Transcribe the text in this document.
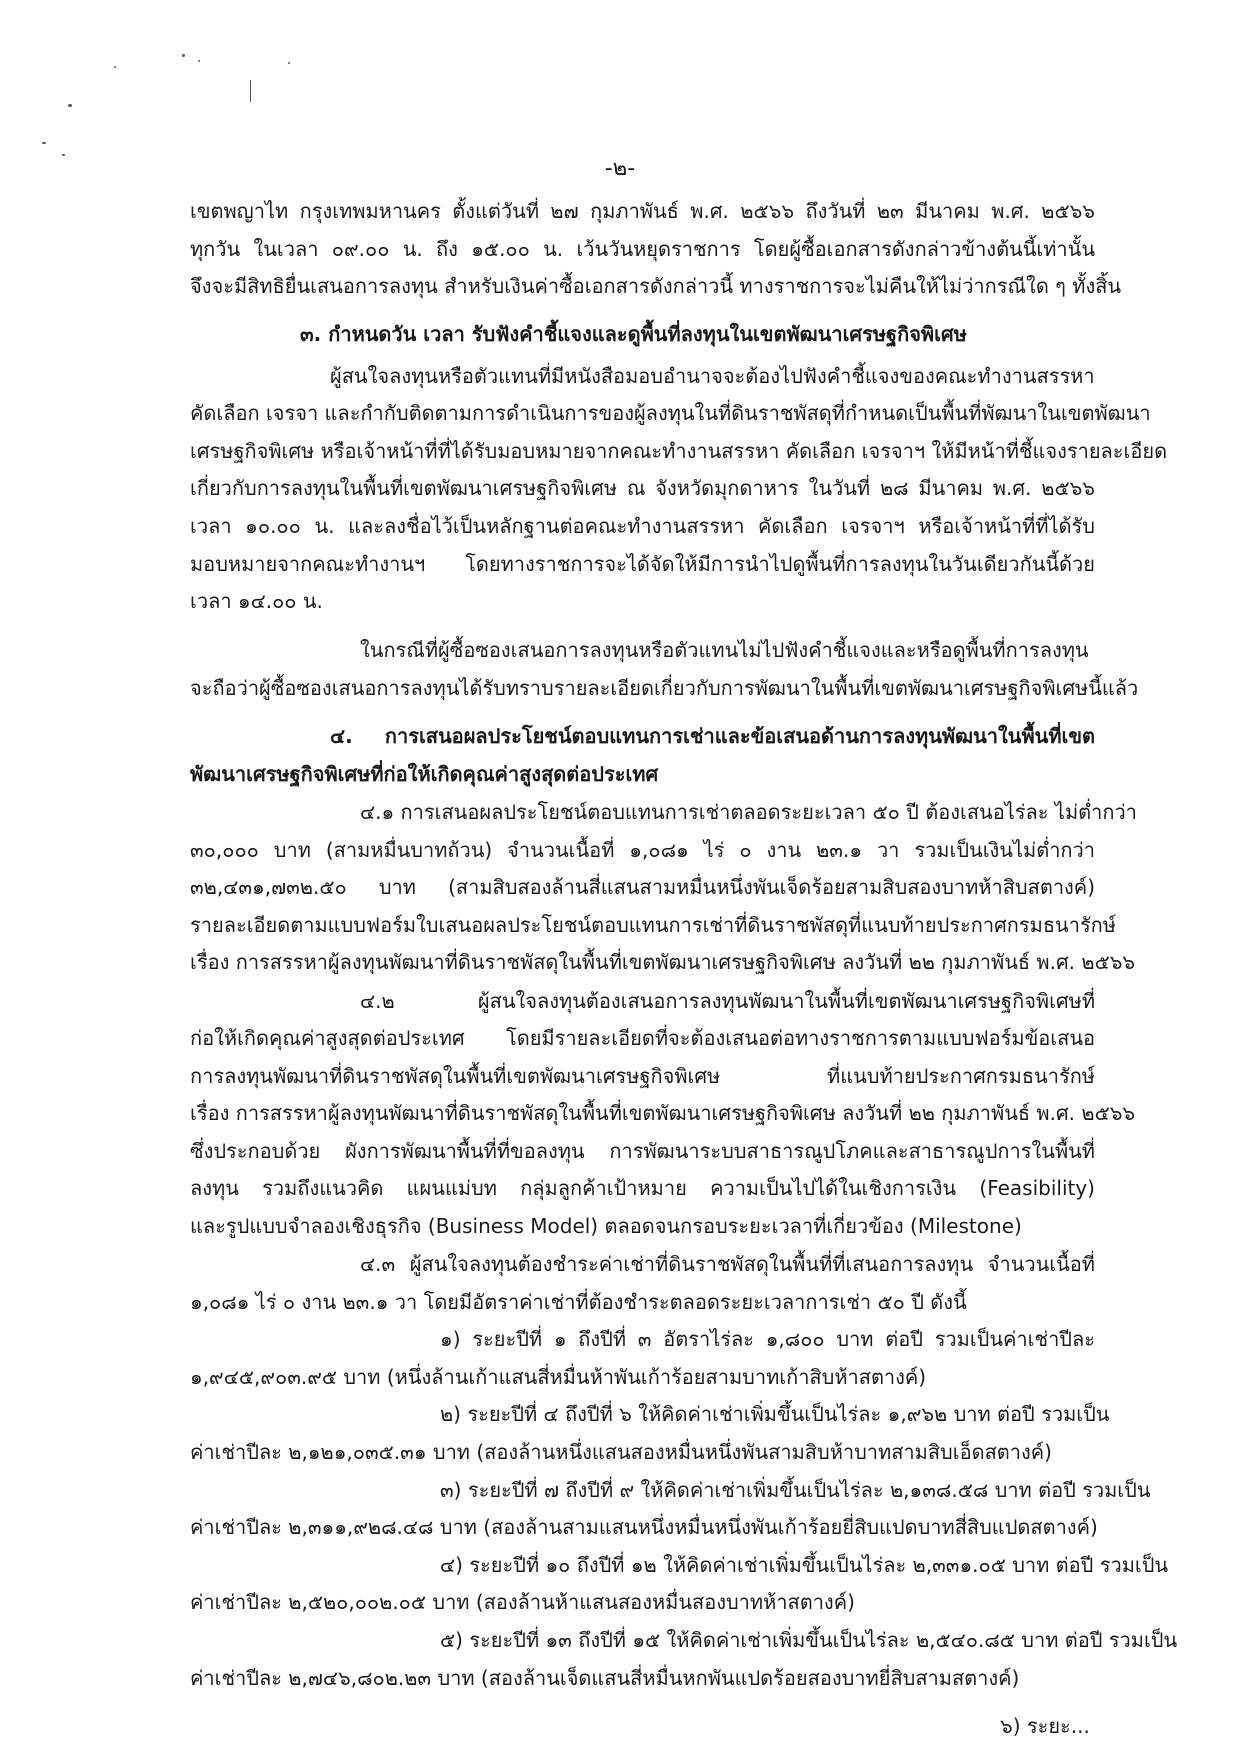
-๒-
เขตพญาไท กรุงเทพมหานคร ตั้งแต่วันที่ ๒๗ กุมภาพันธ์ พ.ศ. ๒๕๖๖ ถึงวันที่ ๒๓ มีนาคม พ.ศ. ๒๕๖๖
ทุกวัน ในเวลา ๐๙.๐๐ น. ถึง ๑๕.๐๐ น. เว้นวันหยุดราชการ โดยผู้ซื้อเอกสารดังกล่าวข้างต้นนี้เท่านั้น
จึงจะมีสิทธิยื่นเสนอการลงทุน สำหรับเงินค่าซื้อเอกสารดังกล่าวนี้ ทางราชการจะไม่คืนให้ไม่ว่ากรณีใด ๆ ทั้งสิ้น
๓. กำหนดวัน เวลา รับฟังคำชี้แจงและดูพื้นที่ลงทุนในเขตพัฒนาเศรษฐกิจพิเศษ
ผู้สนใจลงทุนหรือตัวแทนที่มีหนังสือมอบอำนาจจะต้องไปฟังคำชี้แจงของคณะทำงานสรรหา
คัดเลือก เจรจา และกำกับติดตามการดำเนินการของผู้ลงทุนในที่ดินราชพัสดุที่กำหนดเป็นพื้นที่พัฒนาในเขตพัฒนา
เศรษฐกิจพิเศษ หรือเจ้าหน้าที่ที่ได้รับมอบหมายจากคณะทำงานสรรหา คัดเลือก เจรจาฯ ให้มีหน้าที่ชี้แจงรายละเอียด
เกี่ยวกับการลงทุนในพื้นที่เขตพัฒนาเศรษฐกิจพิเศษ ณ จังหวัดมุกดาหาร ในวันที่ ๒๘ มีนาคม พ.ศ. ๒๕๖๖
เวลา ๑๐.๐๐ น. และลงชื่อไว้เป็นหลักฐานต่อคณะทำงานสรรหา คัดเลือก เจรจาฯ หรือเจ้าหน้าที่ที่ได้รับ
มอบหมายจากคณะทำงานฯ โดยทางราชการจะได้จัดให้มีการนำไปดูพื้นที่การลงทุนในวันเดียวกันนี้ด้วย
เวลา ๑๔.๐๐ น.
ในกรณีที่ผู้ซื้อซองเสนอการลงทุนหรือตัวแทนไม่ไปฟังคำชี้แจงและหรือดูพื้นที่การลงทุน
จะถือว่าผู้ซื้อซองเสนอการลงทุนได้รับทราบรายละเอียดเกี่ยวกับการพัฒนาในพื้นที่เขตพัฒนาเศรษฐกิจพิเศษนี้แล้ว
๔. การเสนอผลประโยชน์ตอบแทนการเช่าและข้อเสนอด้านการลงทุนพัฒนาในพื้นที่เขต
พัฒนาเศรษฐกิจพิเศษที่ก่อให้เกิดคุณค่าสูงสุดต่อประเทศ
๔.๑ การเสนอผลประโยชน์ตอบแทนการเช่าตลอดระยะเวลา ๕๐ ปี ต้องเสนอไร่ละ ไม่ต่ำกว่า
๓๐,๐๐๐ บาท (สามหมื่นบาทถ้วน) จำนวนเนื้อที่ ๑,๐๘๑ ไร่ ๐ งาน ๒๓.๑ วา รวมเป็นเงินไม่ต่ำกว่า
๓๒,๔๓๑,๗๓๒.๕๐ บาท (สามสิบสองล้านสี่แสนสามหมื่นหนึ่งพันเจ็ดร้อยสามสิบสองบาทห้าสิบสตางค์)
รายละเอียดตามแบบฟอร์มใบเสนอผลประโยชน์ตอบแทนการเช่าที่ดินราชพัสดุที่แนบท้ายประกาศกรมธนารักษ์
เรื่อง การสรรหาผู้ลงทุนพัฒนาที่ดินราชพัสดุในพื้นที่เขตพัฒนาเศรษฐกิจพิเศษ ลงวันที่ ๒๒ กุมภาพันธ์ พ.ศ. ๒๕๖๖
๔.๒ ผู้สนใจลงทุนต้องเสนอการลงทุนพัฒนาในพื้นที่เขตพัฒนาเศรษฐกิจพิเศษที่
ก่อให้เกิดคุณค่าสูงสุดต่อประเทศ โดยมีรายละเอียดที่จะต้องเสนอต่อทางราชการตามแบบฟอร์มข้อเสนอ
การลงทุนพัฒนาที่ดินราชพัสดุในพื้นที่เขตพัฒนาเศรษฐกิจพิเศษ ที่แนบท้ายประกาศกรมธนารักษ์
เรื่อง การสรรหาผู้ลงทุนพัฒนาที่ดินราชพัสดุในพื้นที่เขตพัฒนาเศรษฐกิจพิเศษ ลงวันที่ ๒๒ กุมภาพันธ์ พ.ศ. ๒๕๖๖
ซึ่งประกอบด้วย ผังการพัฒนาพื้นที่ที่ขอลงทุน การพัฒนาระบบสาธารณูปโภคและสาธารณูปการในพื้นที่
ลงทุน รวมถึงแนวคิด แผนแม่บท กลุ่มลูกค้าเป้าหมาย ความเป็นไปได้ในเชิงการเงิน (Feasibility)
และรูปแบบจำลองเชิงธุรกิจ (Business Model) ตลอดจนกรอบระยะเวลาที่เกี่ยวข้อง (Milestone)
๔.๓ ผู้สนใจลงทุนต้องชำระค่าเช่าที่ดินราชพัสดุในพื้นที่ที่เสนอการลงทุน จำนวนเนื้อที่
๑,๐๘๑ ไร่ ๐ งาน ๒๓.๑ วา โดยมีอัตราค่าเช่าที่ต้องชำระตลอดระยะเวลาการเช่า ๕๐ ปี ดังนี้
๑) ระยะปีที่ ๑ ถึงปีที่ ๓ อัตราไร่ละ ๑,๘๐๐ บาท ต่อปี รวมเป็นค่าเช่าปีละ
๑,๙๔๕,๙๐๓.๙๕ บาท (หนึ่งล้านเก้าแสนสี่หมื่นห้าพันเก้าร้อยสามบาทเก้าสิบห้าสตางค์)
๒) ระยะปีที่ ๔ ถึงปีที่ ๖ ให้คิดค่าเช่าเพิ่มขึ้นเป็นไร่ละ ๑,๙๖๒ บาท ต่อปี รวมเป็น
ค่าเช่าปีละ ๒,๑๒๑,๐๓๕.๓๑ บาท (สองล้านหนึ่งแสนสองหมื่นหนึ่งพันสามสิบห้าบาทสามสิบเอ็ดสตางค์)
๓) ระยะปีที่ ๗ ถึงปีที่ ๙ ให้คิดค่าเช่าเพิ่มขึ้นเป็นไร่ละ ๒,๑๓๘.๕๘ บาท ต่อปี รวมเป็น
ค่าเช่าปีละ ๒,๓๑๑,๙๒๘.๔๘ บาท (สองล้านสามแสนหนึ่งหมื่นหนึ่งพันเก้าร้อยยี่สิบแปดบาทสี่สิบแปดสตางค์)
๔) ระยะปีที่ ๑๐ ถึงปีที่ ๑๒ ให้คิดค่าเช่าเพิ่มขึ้นเป็นไร่ละ ๒,๓๓๑.๐๕ บาท ต่อปี รวมเป็น
ค่าเช่าปีละ ๒,๕๒๐,๐๐๒.๐๕ บาท (สองล้านห้าแสนสองหมื่นสองบาทห้าสตางค์)
๕) ระยะปีที่ ๑๓ ถึงปีที่ ๑๕ ให้คิดค่าเช่าเพิ่มขึ้นเป็นไร่ละ ๒,๕๔๐.๘๕ บาท ต่อปี รวมเป็น
ค่าเช่าปีละ ๒,๗๔๖,๘๐๒.๒๓ บาท (สองล้านเจ็ดแสนสี่หมื่นหกพันแปดร้อยสองบาทยี่สิบสามสตางค์)
๖) ระยะ...
